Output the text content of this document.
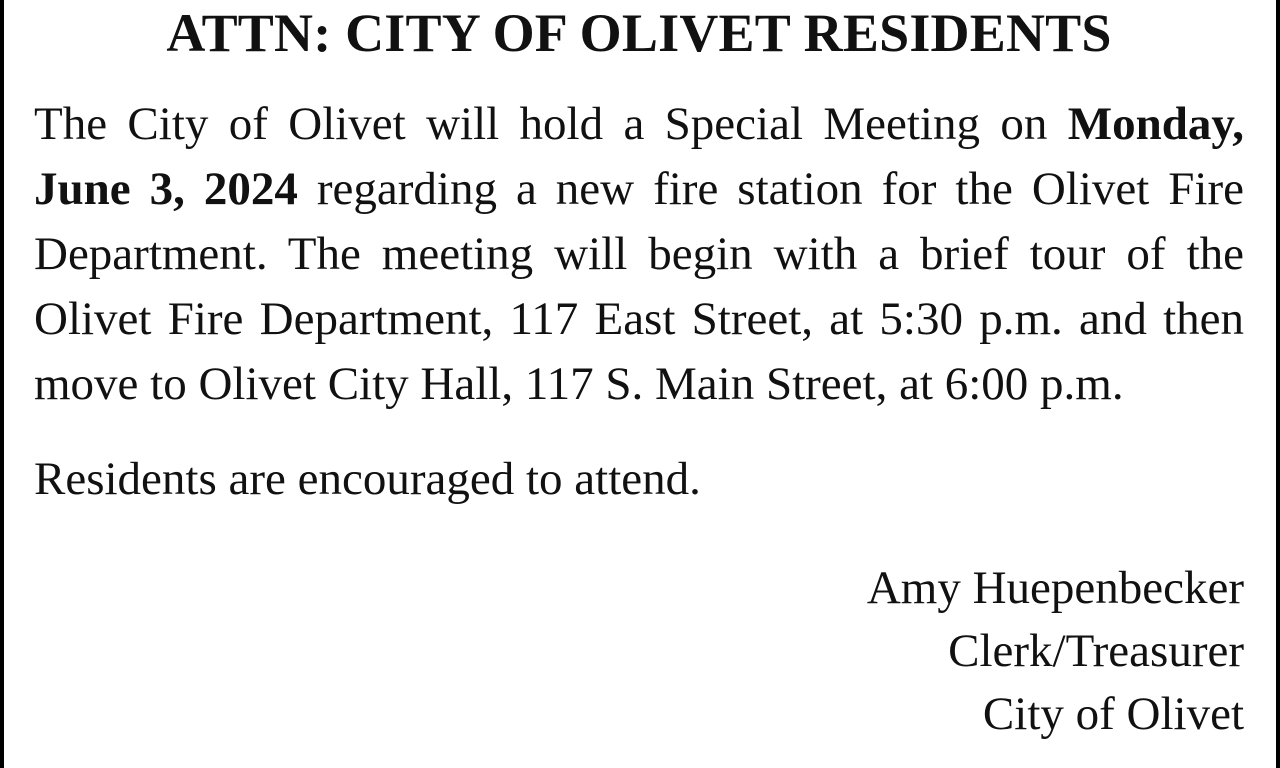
ATTN: CITY OF OLIVET RESIDENTS

The City of Olivet will hold a Special Meeting on Monday, June 3, 2024 regarding a new fire station for the Olivet Fire Department. The meeting will begin with a brief tour of the Olivet Fire Department, 117 East Street, at 5:30 p.m. and then move to Olivet City Hall, 117 S. Main Street, at 6:00 p.m.

Residents are encouraged to attend.

Amy Huepenbecker
Clerk/Treasurer
City of Olivet
